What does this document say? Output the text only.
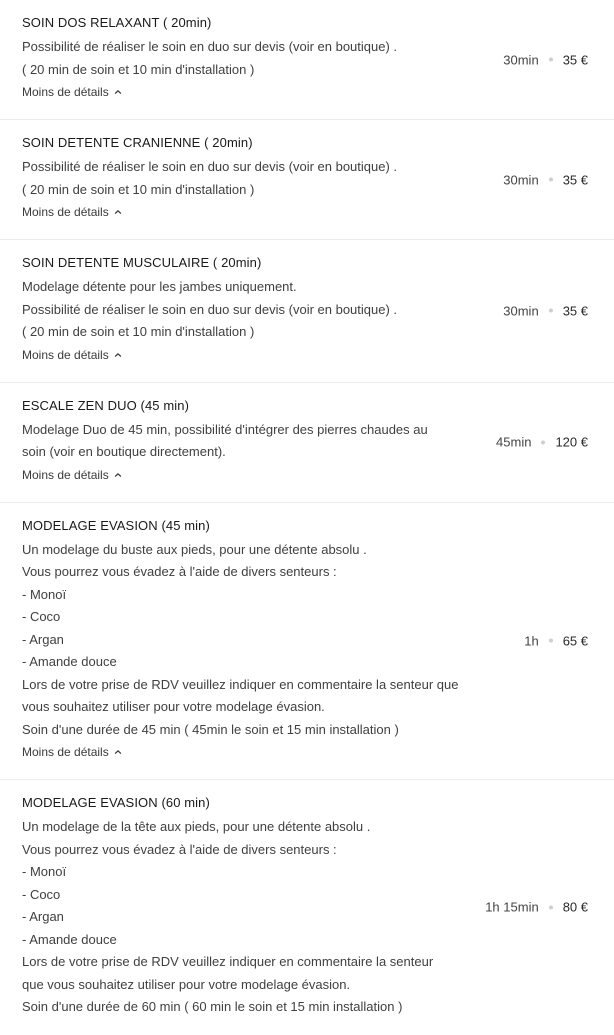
SOIN DOS RELAXANT ( 20min)
Possibilité de réaliser le soin en duo sur devis (voir en boutique) .
( 20 min de soin et 10 min d'installation )
Moins de détails
30min 35 €
SOIN DETENTE CRANIENNE ( 20min)
Possibilité de réaliser le soin en duo sur devis (voir en boutique) .
( 20 min de soin et 10 min d'installation )
Moins de détails
30min 35 €
SOIN DETENTE MUSCULAIRE ( 20min)
Modelage détente pour les jambes uniquement.
Possibilité de réaliser le soin en duo sur devis (voir en boutique) .
( 20 min de soin et 10 min d'installation )
Moins de détails
30min 35 €
ESCALE ZEN DUO (45 min)
Modelage Duo de 45 min, possibilité d'intégrer des pierres chaudes au
soin (voir en boutique directement).
Moins de détails
45min 120 €
MODELAGE EVASION (45 min)
Un modelage du buste aux pieds, pour une détente absolu .
Vous pourrez vous évadez à l'aide de divers senteurs :
- Monoï
- Coco
- Argan
- Amande douce
Lors de votre prise de RDV veuillez indiquer en commentaire la senteur que
vous souhaitez utiliser pour votre modelage évasion.
Soin d'une durée de 45 min ( 45min le soin et 15 min installation )
Moins de détails
1h 65 €
MODELAGE EVASION (60 min)
Un modelage de la tête aux pieds, pour une détente absolu .
Vous pourrez vous évadez à l'aide de divers senteurs :
- Monoï
- Coco
- Argan
- Amande douce
Lors de votre prise de RDV veuillez indiquer en commentaire la senteur
que vous souhaitez utiliser pour votre modelage évasion.
Soin d'une durée de 60 min ( 60 min le soin et 15 min installation )
1h 15min 80 €
